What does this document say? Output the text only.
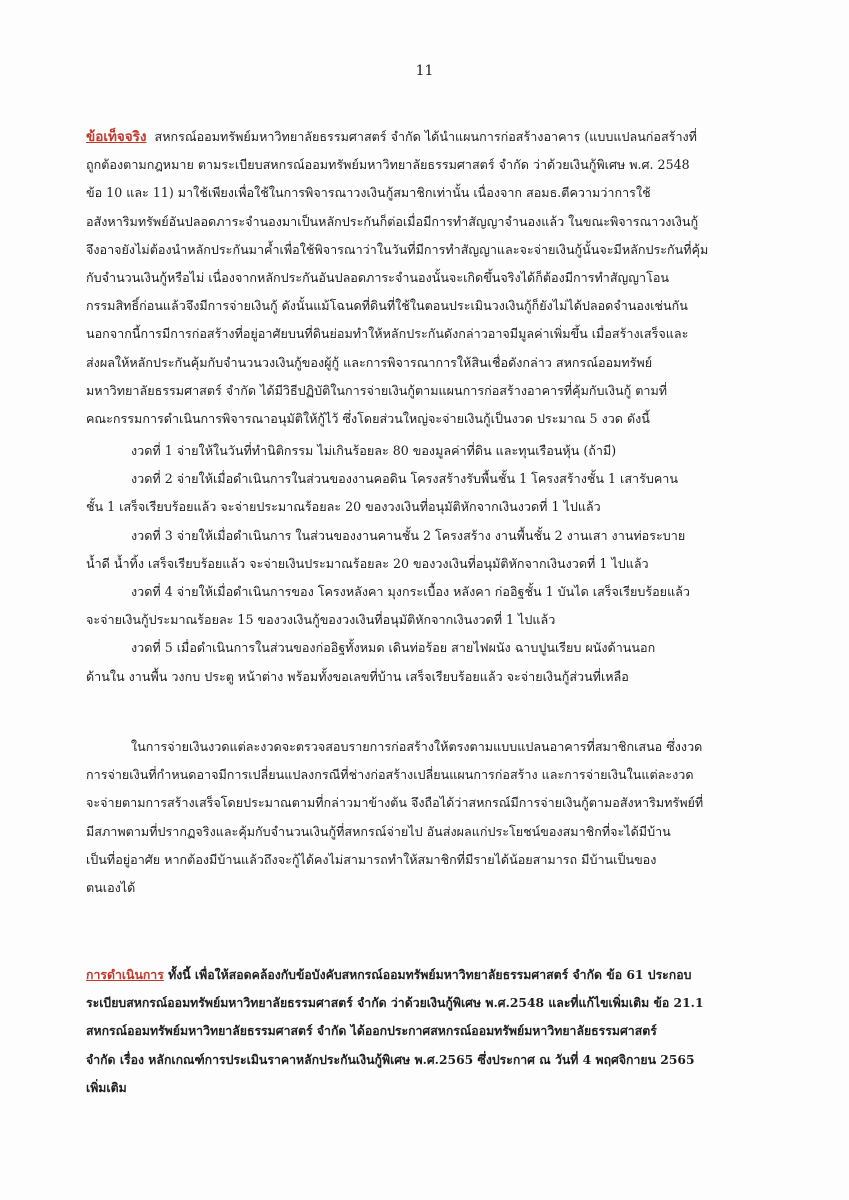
11
ข้อเท็จจริง สหกรณ์ออมทรัพย์มหาวิทยาลัยธรรมศาสตร์ จำกัด ได้นำแผนการก่อสร้างอาคาร (แบบแปลนก่อสร้างที่
ถูกต้องตามกฎหมาย ตามระเบียบสหกรณ์ออมทรัพย์มหาวิทยาลัยธรรมศาสตร์ จำกัด ว่าด้วยเงินกู้พิเศษ พ.ศ. 2548
ข้อ 10 และ 11) มาใช้เพียงเพื่อใช้ในการพิจารณาวงเงินกู้สมาชิกเท่านั้น เนื่องจาก สอมธ.ตีความว่าการใช้
อสังหาริมทรัพย์อันปลอดภาระจำนองมาเป็นหลักประกันก็ต่อเมื่อมีการทำสัญญาจำนองแล้ว ในขณะพิจารณาวงเงินกู้
จึงอาจยังไม่ต้องนำหลักประกันมาค้ำเพื่อใช้พิจารณาว่าในวันที่มีการทำสัญญาและจะจ่ายเงินกู้นั้นจะมีหลักประกันที่คุ้ม
กับจำนวนเงินกู้หรือไม่ เนื่องจากหลักประกันอันปลอดภาระจำนองนั้นจะเกิดขึ้นจริงได้ก็ต้องมีการทำสัญญาโอน
กรรมสิทธิ์ก่อนแล้วจึงมีการจ่ายเงินกู้ ดังนั้นแม้โฉนดที่ดินที่ใช้ในตอนประเมินวงเงินกู้ก็ยังไม่ได้ปลอดจำนองเช่นกัน
นอกจากนี้การมีการก่อสร้างที่อยู่อาศัยบนที่ดินย่อมทำให้หลักประกันดังกล่าวอาจมีมูลค่าเพิ่มขึ้น เมื่อสร้างเสร็จและ
ส่งผลให้หลักประกันคุ้มกับจำนวนวงเงินกู้ของผู้กู้ และการพิจารณาการให้สินเชื่อดังกล่าว สหกรณ์ออมทรัพย์
มหาวิทยาลัยธรรมศาสตร์ จำกัด ได้มีวิธีปฏิบัติในการจ่ายเงินกู้ตามแผนการก่อสร้างอาคารที่คุ้มกับเงินกู้ ตามที่
คณะกรรมการดำเนินการพิจารณาอนุมัติให้กู้ไว้ ซึ่งโดยส่วนใหญ่จะจ่ายเงินกู้เป็นงวด ประมาณ 5 งวด ดังนี้
งวดที่ 1 จ่ายให้ในวันที่ทำนิติกรรม ไม่เกินร้อยละ 80 ของมูลค่าที่ดิน และทุนเรือนหุ้น (ถ้ามี)
งวดที่ 2 จ่ายให้เมื่อดำเนินการในส่วนของงานคอดิน โครงสร้างรับพื้นชั้น 1 โครงสร้างชั้น 1 เสารับคาน
ชั้น 1 เสร็จเรียบร้อยแล้ว จะจ่ายประมาณร้อยละ 20 ของวงเงินที่อนุมัติหักจากเงินงวดที่ 1 ไปแล้ว
งวดที่ 3 จ่ายให้เมื่อดำเนินการ ในส่วนของงานคานชั้น 2 โครงสร้าง งานพื้นชั้น 2 งานเสา งานท่อระบาย
น้ำดี น้ำทิ้ง เสร็จเรียบร้อยแล้ว จะจ่ายเงินประมาณร้อยละ 20 ของวงเงินที่อนุมัติหักจากเงินงวดที่ 1 ไปแล้ว
งวดที่ 4 จ่ายให้เมื่อดำเนินการของ โครงหลังคา มุงกระเบื้อง หลังคา ก่ออิฐชั้น 1 บันได เสร็จเรียบร้อยแล้ว
จะจ่ายเงินกู้ประมาณร้อยละ 15 ของวงเงินกู้ของวงเงินที่อนุมัติหักจากเงินงวดที่ 1 ไปแล้ว
งวดที่ 5 เมื่อดำเนินการในส่วนของก่ออิฐทั้งหมด เดินท่อร้อย สายไฟผนัง ฉาบปูนเรียบ ผนังด้านนอก
ด้านใน งานพื้น วงกบ ประตู หน้าต่าง พร้อมทั้งขอเลขที่บ้าน เสร็จเรียบร้อยแล้ว จะจ่ายเงินกู้ส่วนที่เหลือ
ในการจ่ายเงินงวดแต่ละงวดจะตรวจสอบรายการก่อสร้างให้ตรงตามแบบแปลนอาคารที่สมาชิกเสนอ ซึ่งงวด
การจ่ายเงินที่กำหนดอาจมีการเปลี่ยนแปลงกรณีที่ช่างก่อสร้างเปลี่ยนแผนการก่อสร้าง และการจ่ายเงินในแต่ละงวด
จะจ่ายตามการสร้างเสร็จโดยประมาณตามที่กล่าวมาข้างต้น จึงถือได้ว่าสหกรณ์มีการจ่ายเงินกู้ตามอสังหาริมทรัพย์ที่
มีสภาพตามที่ปรากฏจริงและคุ้มกับจำนวนเงินกู้ที่สหกรณ์จ่ายไป อันส่งผลแก่ประโยชน์ของสมาชิกที่จะได้มีบ้าน
เป็นที่อยู่อาศัย หากต้องมีบ้านแล้วถึงจะกู้ได้คงไม่สามารถทำให้สมาชิกที่มีรายได้น้อยสามารถ มีบ้านเป็นของ
ตนเองได้
การดำเนินการ ทั้งนี้ เพื่อให้สอดคล้องกับข้อบังคับสหกรณ์ออมทรัพย์มหาวิทยาลัยธรรมศาสตร์ จำกัด ข้อ 61 ประกอบ
ระเบียบสหกรณ์ออมทรัพย์มหาวิทยาลัยธรรมศาสตร์ จำกัด ว่าด้วยเงินกู้พิเศษ พ.ศ.2548 และที่แก้ไขเพิ่มเติม ข้อ 21.1
สหกรณ์ออมทรัพย์มหาวิทยาลัยธรรมศาสตร์ จำกัด ได้ออกประกาศสหกรณ์ออมทรัพย์มหาวิทยาลัยธรรมศาสตร์
จำกัด เรื่อง หลักเกณฑ์การประเมินราคาหลักประกันเงินกู้พิเศษ พ.ศ.2565 ซึ่งประกาศ ณ วันที่ 4 พฤศจิกายน 2565
เพิ่มเติม
